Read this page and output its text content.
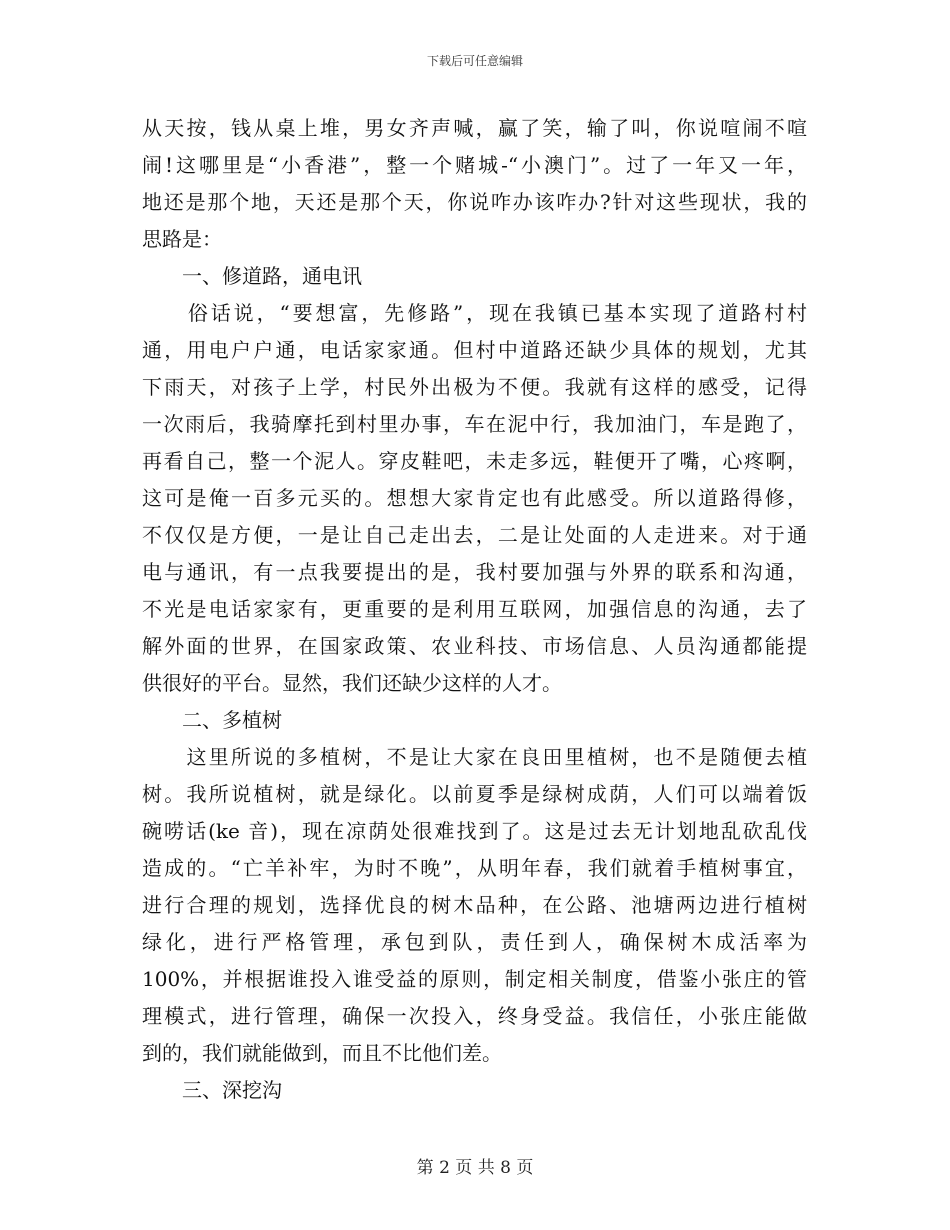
下载后可任意编辑
从天按，钱从桌上堆，男女齐声喊，赢了笑，输了叫，你说喧闹不喧
闹!这哪里是“小香港”，整一个赌城-“小澳门”。过了一年又一年，
地还是那个地，天还是那个天，你说咋办该咋办?针对这些现状，我的
思路是：
　　一、修道路，通电讯
　　俗话说，“要想富，先修路”，现在我镇已基本实现了道路村村
通，用电户户通，电话家家通。但村中道路还缺少具体的规划，尤其
下雨天，对孩子上学，村民外出极为不便。我就有这样的感受，记得
一次雨后，我骑摩托到村里办事，车在泥中行，我加油门，车是跑了，
再看自己，整一个泥人。穿皮鞋吧，未走多远，鞋便开了嘴，心疼啊，
这可是俺一百多元买的。想想大家肯定也有此感受。所以道路得修，
不仅仅是方便，一是让自己走出去，二是让处面的人走进来。对于通
电与通讯，有一点我要提出的是，我村要加强与外界的联系和沟通，
不光是电话家家有，更重要的是利用互联网，加强信息的沟通，去了
解外面的世界，在国家政策、农业科技、市场信息、人员沟通都能提
供很好的平台。显然，我们还缺少这样的人才。
　　二、多植树
　　这里所说的多植树，不是让大家在良田里植树，也不是随便去植
树。我所说植树，就是绿化。以前夏季是绿树成荫，人们可以端着饭
碗唠话(ke 音)，现在凉荫处很难找到了。这是过去无计划地乱砍乱伐
造成的。“亡羊补牢，为时不晚”，从明年春，我们就着手植树事宜，
进行合理的规划，选择优良的树木品种，在公路、池塘两边进行植树
绿化，进行严格管理，承包到队，责任到人，确保树木成活率为
100%，并根据谁投入谁受益的原则，制定相关制度，借鉴小张庄的管
理模式，进行管理，确保一次投入，终身受益。我信任，小张庄能做
到的，我们就能做到，而且不比他们差。
　　三、深挖沟
第 2 页 共 8 页
